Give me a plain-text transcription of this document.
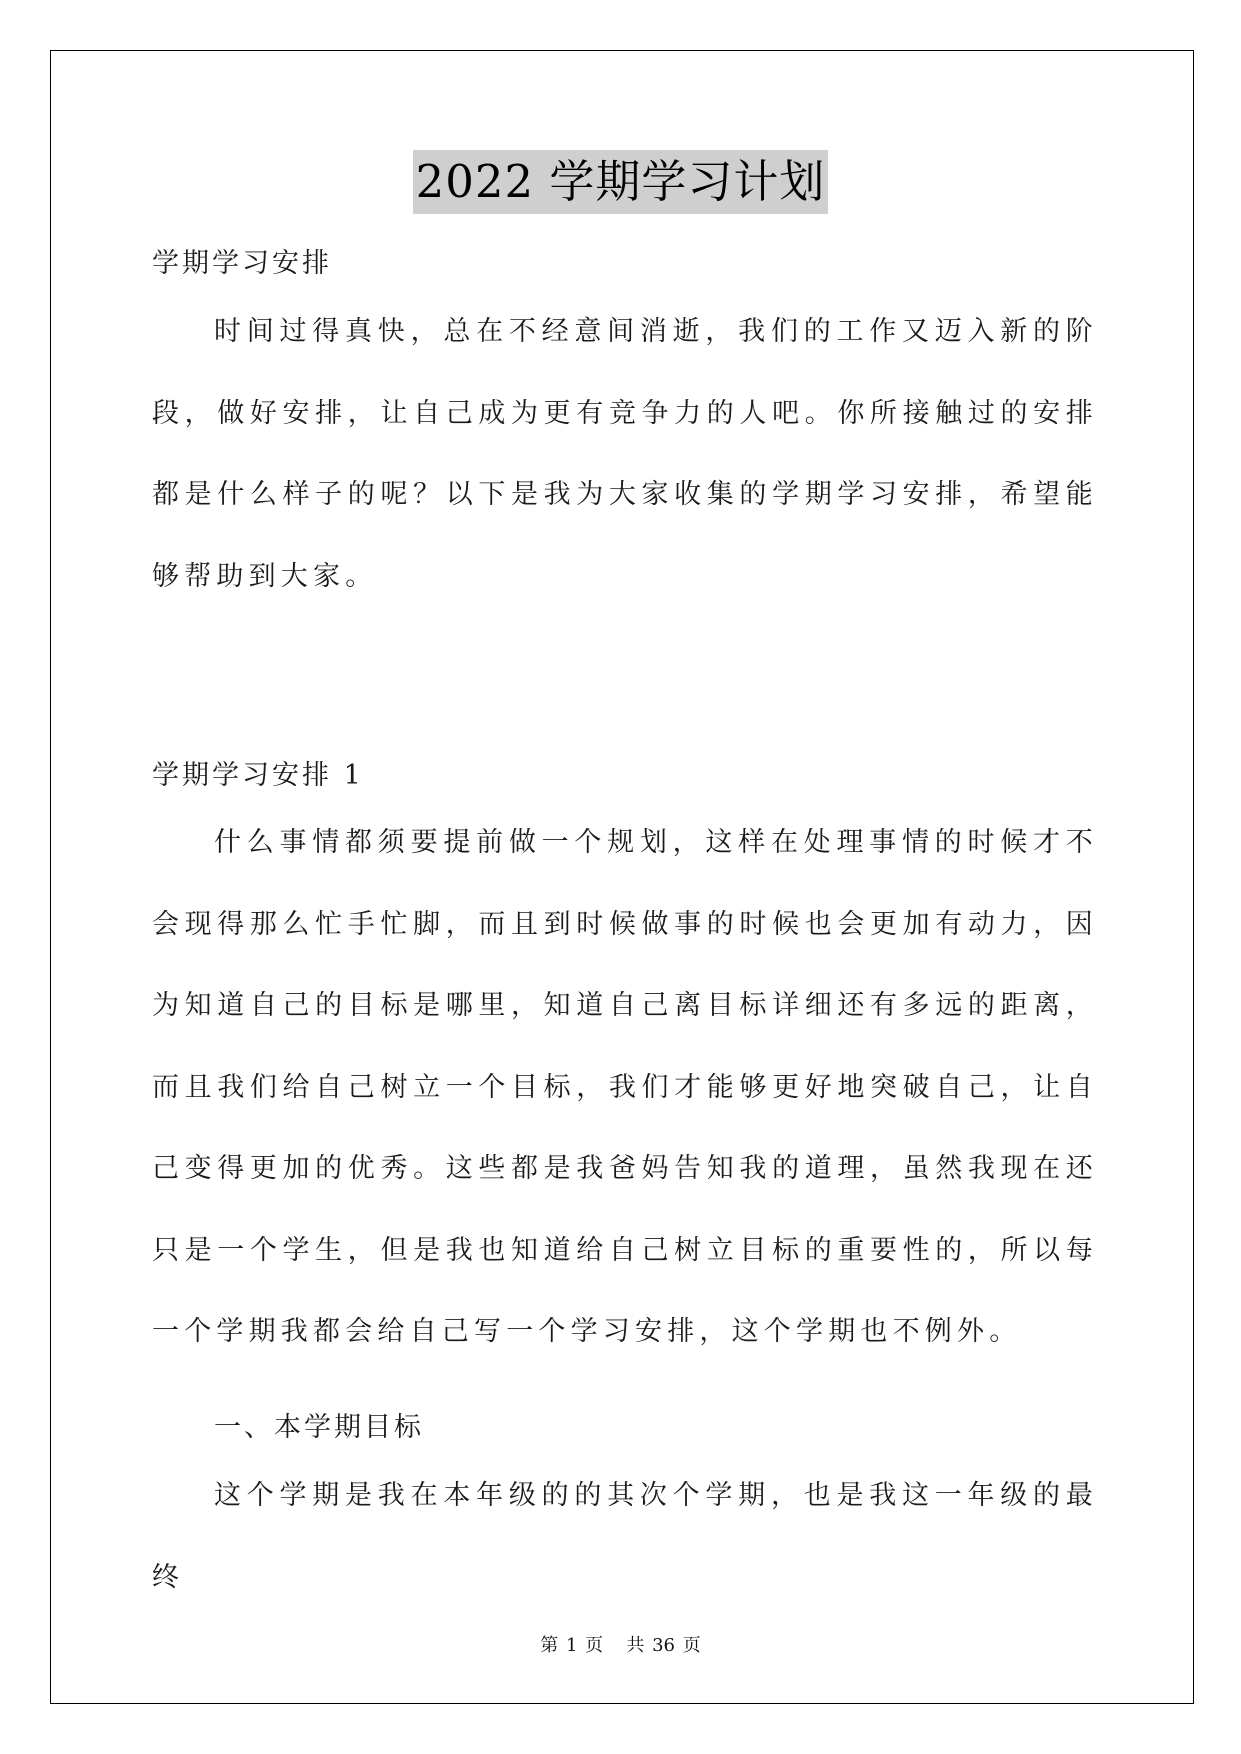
2022 学期学习计划

学期学习安排

时间过得真快，总在不经意间消逝，我们的工作又迈入新的阶段，做好安排，让自己成为更有竞争力的人吧。你所接触过的安排都是什么样子的呢？以下是我为大家收集的学期学习安排，希望能够帮助到大家。

学期学习安排 1

什么事情都须要提前做一个规划，这样在处理事情的时候才不会现得那么忙手忙脚，而且到时候做事的时候也会更加有动力，因为知道自己的目标是哪里，知道自己离目标详细还有多远的距离，而且我们给自己树立一个目标，我们才能够更好地突破自己，让自己变得更加的优秀。这些都是我爸妈告知我的道理，虽然我现在还只是一个学生，但是我也知道给自己树立目标的重要性的，所以每一个学期我都会给自己写一个学习安排，这个学期也不例外。

一、本学期目标

这个学期是我在本年级的的其次个学期，也是我这一年级的最终

第 1 页 共 36 页
